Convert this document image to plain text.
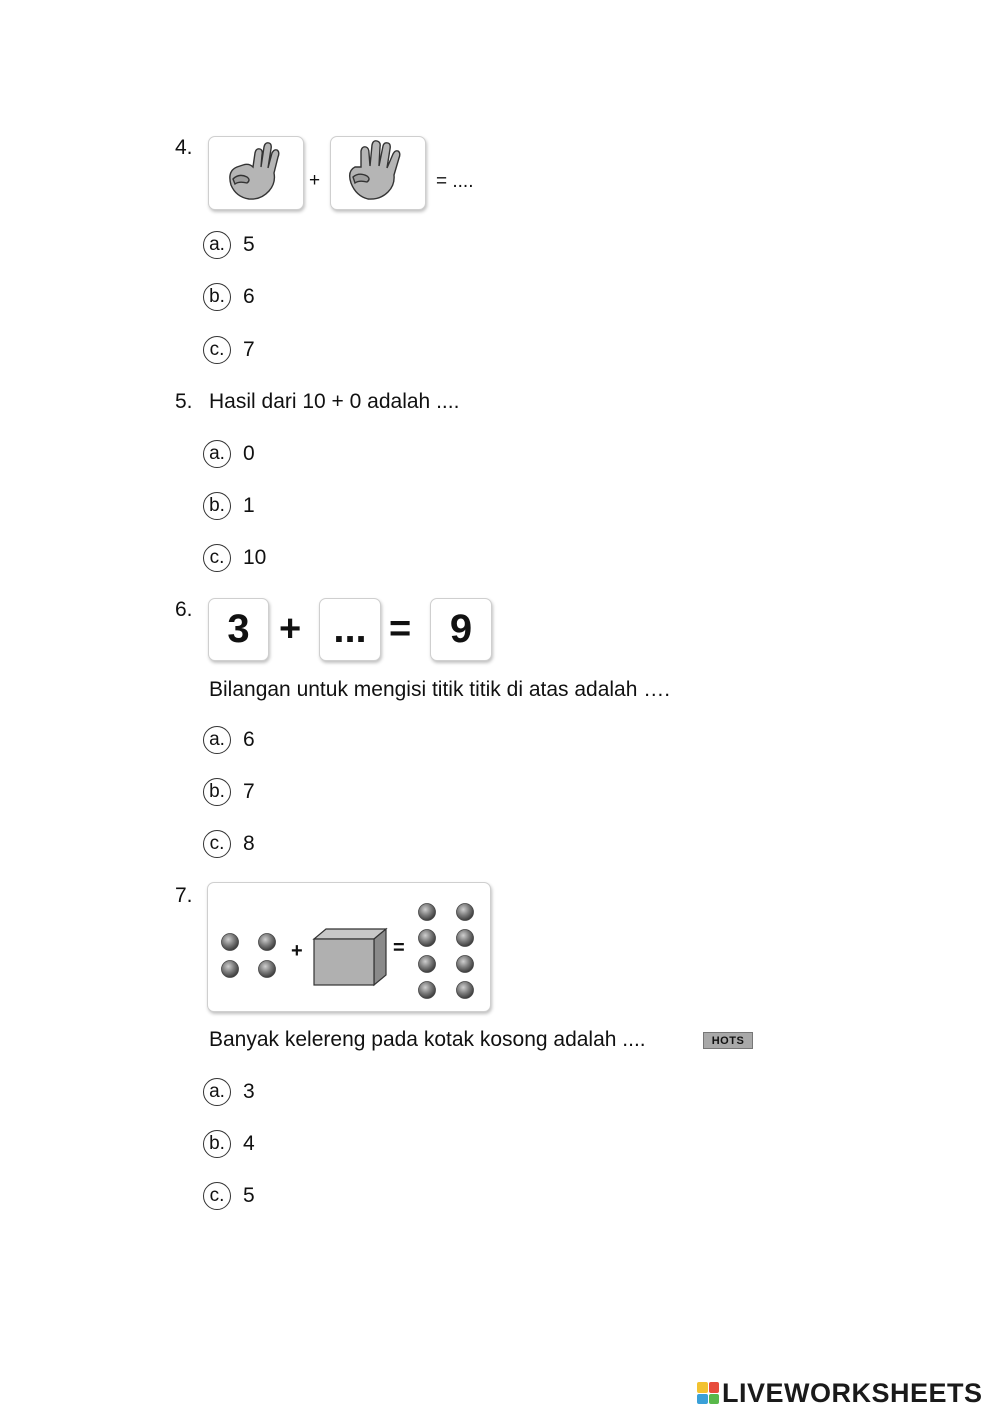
4.
+	= ....
a. 5
b. 6
c. 7
5. Hasil dari 10 + 0 adalah ....
a. 0
b. 1
c. 10
6. 3 + ... = 9
Bilangan untuk mengisi titik titik di atas adalah ….
a. 6
b. 7
c. 8
7.
+	=
Banyak kelereng pada kotak kosong adalah ....	HOTS
a. 3
b. 4
c. 5
LIVEWORKSHEETS
